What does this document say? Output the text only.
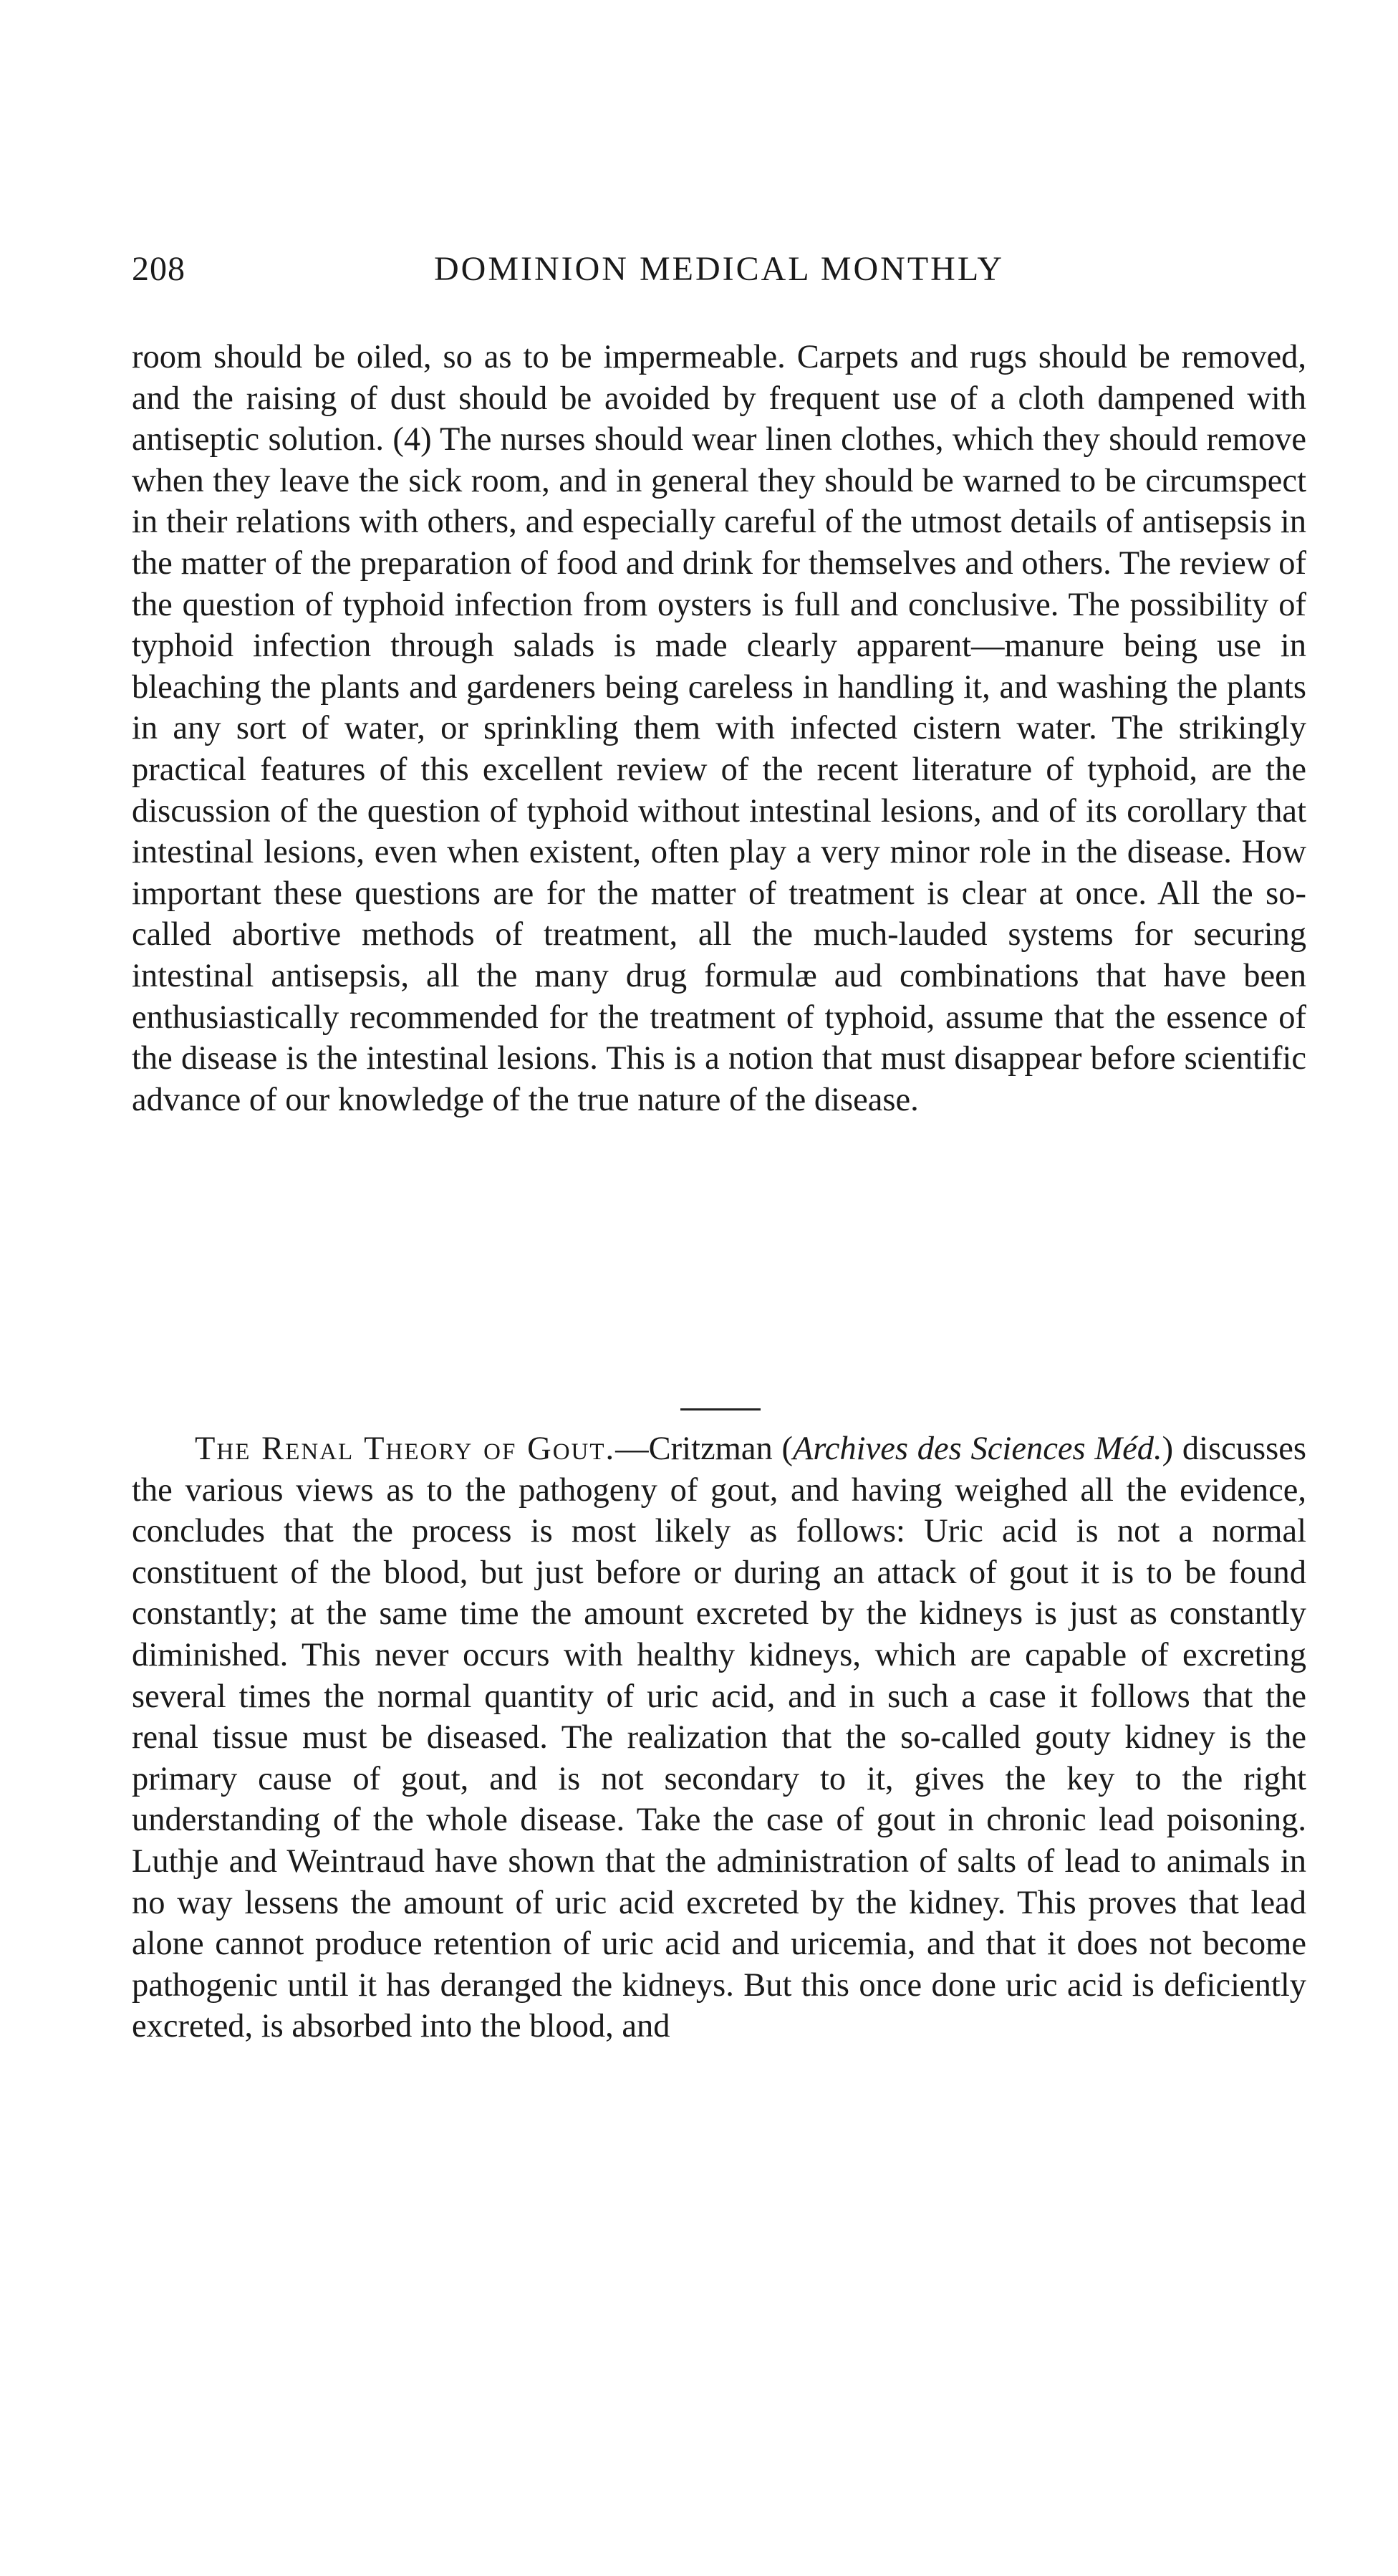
208	DOMINION MEDICAL MONTHLY

room should be oiled, so as to be impermeable. Carpets and rugs should be removed, and the raising of dust should be avoided by frequent use of a cloth dampened with antiseptic solution. (4) The nurses should wear linen clothes, which they should remove when they leave the sick room, and in general they should be warned to be circumspect in their relations with others, and especially careful of the utmost details of antisepsis in the matter of the preparation of food and drink for themselves and others. The review of the question of typhoid infection from oysters is full and conclusive. The possibility of typhoid infection through salads is made clearly apparent—manure being use in bleaching the plants and gardeners being careless in handling it, and washing the plants in any sort of water, or sprinkling them with infected cistern water. The strikingly practical features of this excellent review of the recent literature of typhoid, are the discussion of the question of typhoid without intestinal lesions, and of its corollary that intestinal lesions, even when existent, often play a very minor role in the disease. How important these questions are for the matter of treatment is clear at once. All the so-called abortive methods of treatment, all the much-lauded systems for securing intestinal antisepsis, all the many drug formulæ aud combinations that have been enthusiastically recommended for the treatment of typhoid, assume that the essence of the disease is the intestinal lesions. This is a notion that must disappear before scientific advance of our knowledge of the true nature of the disease.

The Renal Theory of Gout.—Critzman (Archives des Sciences Méd.) discusses the various views as to the pathogeny of gout, and having weighed all the evidence, concludes that the process is most likely as follows: Uric acid is not a normal constituent of the blood, but just before or during an attack of gout it is to be found constantly; at the same time the amount excreted by the kidneys is just as constantly diminished. This never occurs with healthy kidneys, which are capable of excreting several times the normal quantity of uric acid, and in such a case it follows that the renal tissue must be diseased. The realization that the so-called gouty kidney is the primary cause of gout, and is not secondary to it, gives the key to the right understanding of the whole disease. Take the case of gout in chronic lead poisoning. Luthje and Weintraud have shown that the administration of salts of lead to animals in no way lessens the amount of uric acid excreted by the kidney. This proves that lead alone cannot produce retention of uric acid and uricemia, and that it does not become pathogenic until it has deranged the kidneys. But this once done uric acid is deficiently excreted, is absorbed into the blood, and
